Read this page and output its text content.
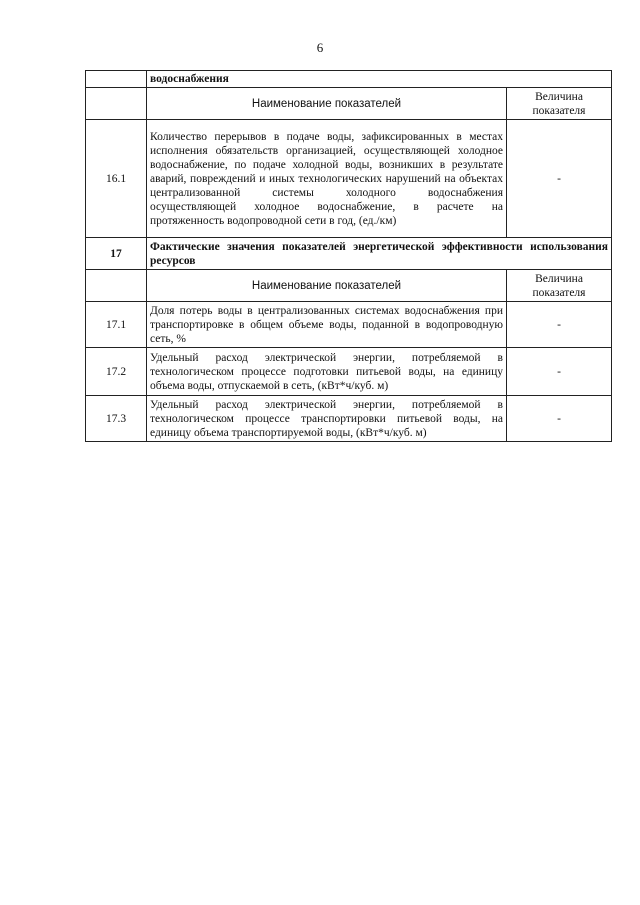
6
	водоснабжения	
	Наименование показателей	Величина показателя
16.1	Количество перерывов в подаче воды, зафиксированных в местах исполнения обязательств организацией, осуществляющей холодное водоснабжение, по подаче холодной воды, возникших в результате аварий, повреждений и иных технологических нарушений на объектах централизованной системы холодного водоснабжения осуществляющей холодное водоснабжение, в расчете на протяженность водопроводной сети в год, (ед./км)	-
17	Фактические значения показателей энергетической эффективности использования ресурсов	
	Наименование показателей	Величина показателя
17.1	Доля потерь воды в централизованных системах водоснабжения при транспортировке в общем объеме воды, поданной в водопроводную сеть, %	-
17.2	Удельный расход электрической энергии, потребляемой в технологическом процессе подготовки питьевой воды, на единицу объема воды, отпускаемой в сеть, (кВт*ч/куб. м)	-
17.3	Удельный расход электрической энергии, потребляемой в технологическом процессе транспортировки питьевой воды, на единицу объема транспортируемой воды, (кВт*ч/куб. м)	-
